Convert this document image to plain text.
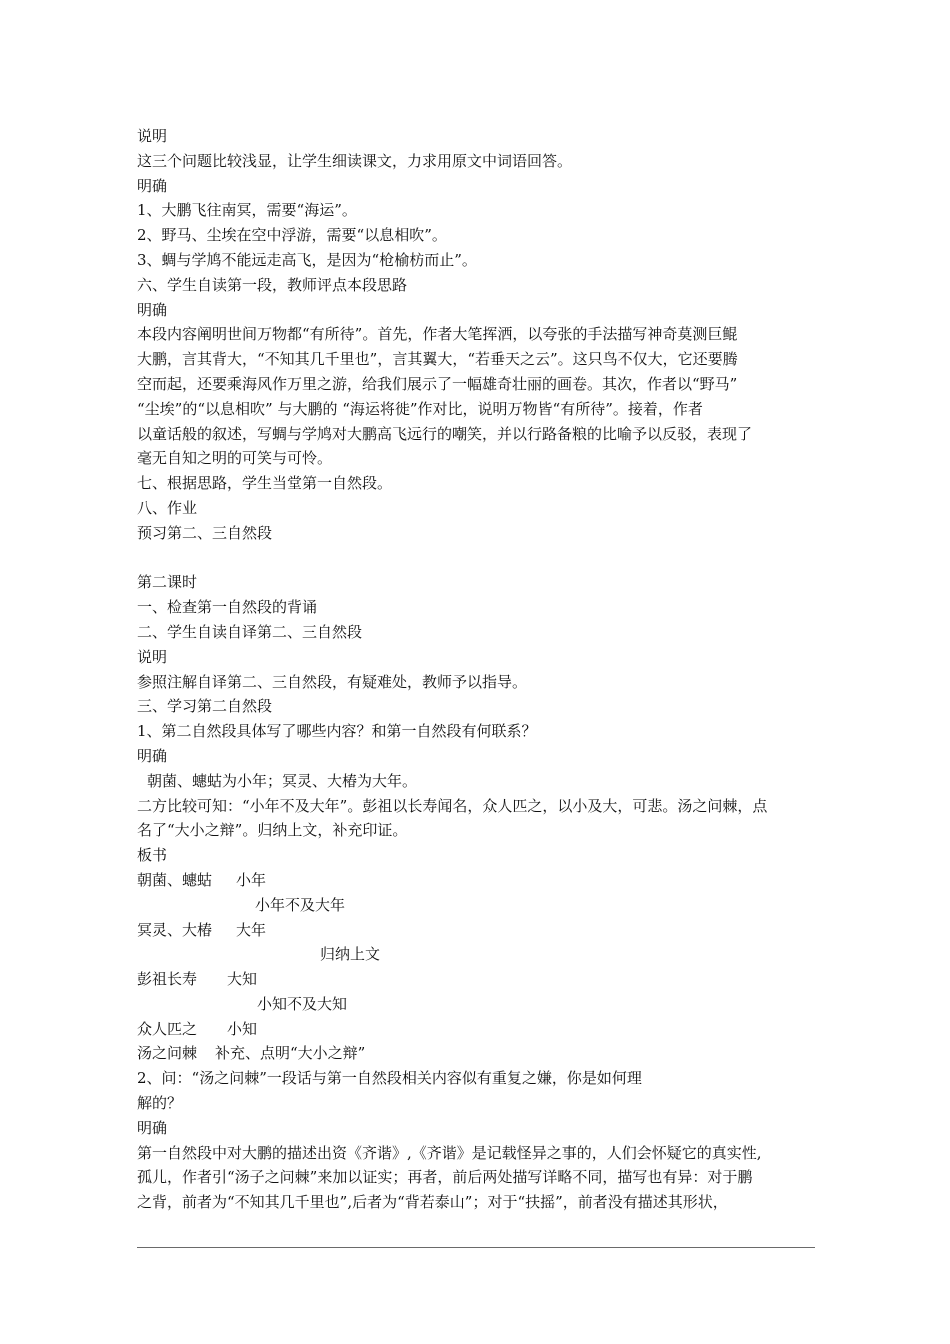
说明
这三个问题比较浅显，让学生细读课文，力求用原文中词语回答。
明确
1、大鹏飞往南冥，需要“海运”。
2、野马、尘埃在空中浮游，需要“以息相吹”。
3、蜩与学鸠不能远走高飞，是因为“枪榆枋而止”。
六、学生自读第一段，教师评点本段思路
明确
本段内容阐明世间万物都“有所待”。首先，作者大笔挥洒，以夸张的手法描写神奇莫测巨鲲
大鹏，言其背大，“不知其几千里也”，言其翼大，“若垂天之云”。这只鸟不仅大，它还要腾
空而起，还要乘海风作万里之游，给我们展示了一幅雄奇壮丽的画卷。其次，作者以“野马”
“尘埃”的“以息相吹” 与大鹏的 “海运将徙”作对比，说明万物皆“有所待”。接着，作者
以童话般的叙述，写蜩与学鸠对大鹏高飞远行的嘲笑，并以行路备粮的比喻予以反驳，表现了
毫无自知之明的可笑与可怜。
七、根据思路，学生当堂第一自然段。
八、作业
预习第二、三自然段
第二课时
一、检查第一自然段的背诵
二、学生自读自译第二、三自然段
说明
参照注解自译第二、三自然段，有疑难处，教师予以指导。
三、学习第二自然段
1、第二自然段具体写了哪些内容？和第一自然段有何联系？
明确
朝菌、蟪蛄为小年；冥灵、大椿为大年。
二方比较可知：“小年不及大年”。彭祖以长寿闻名，众人匹之，以小及大，可悲。汤之问棘，点
名了“大小之辩”。归纳上文，补充印证。
板书
朝菌、蟪蛄 小年
小年不及大年
冥灵、大椿 大年
归纳上文
彭祖长寿 大知
小知不及大知
众人匹之 小知
汤之问棘 补充、点明“大小之辩”
2、问：“汤之问棘”一段话与第一自然段相关内容似有重复之嫌，你是如何理
解的？
明确
第一自然段中对大鹏的描述出资《齐谐》,《齐谐》是记载怪异之事的，人们会怀疑它的真实性,
孤儿，作者引“汤子之问棘”来加以证实；再者，前后两处描写详略不同，描写也有异：对于鹏
之背，前者为“不知其几千里也”,后者为“背若泰山”；对于“扶摇”，前者没有描述其形状，
